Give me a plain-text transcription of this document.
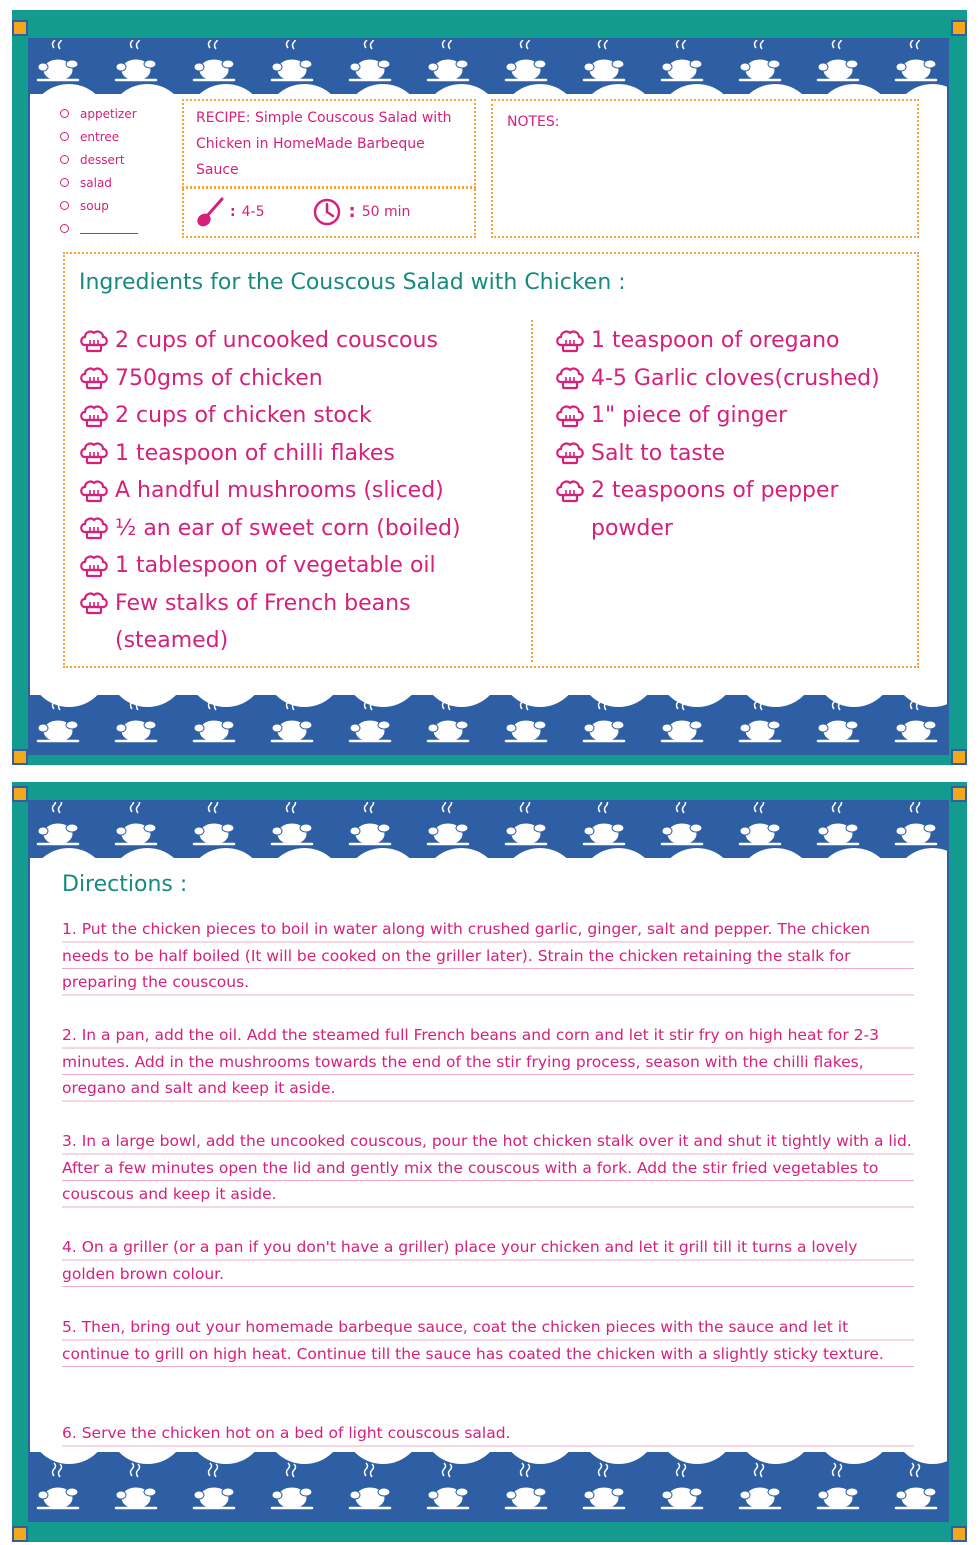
appetizer
entree
dessert
salad
soup
RECIPE: Simple Couscous Salad with Chicken in HomeMade Barbeque Sauce
: 4-5	: 50 min
NOTES:
Ingredients for the Couscous Salad with Chicken :
2 cups of uncooked couscous
750gms of chicken
2 cups of chicken stock
1 teaspoon of chilli flakes
A handful mushrooms (sliced)
½ an ear of sweet corn (boiled)
1 tablespoon of vegetable oil
Few stalks of French beans (steamed)
1 teaspoon of oregano
4-5 Garlic cloves(crushed)
1" piece of ginger
Salt to taste
2 teaspoons of pepper powder
Directions :

1. Put the chicken pieces to boil in water along with crushed garlic, ginger, salt and pepper. The chicken needs to be half boiled (It will be cooked on the griller later). Strain the chicken retaining the stalk for preparing the couscous.

2. In a pan, add the oil. Add the steamed full French beans and corn and let it stir fry on high heat for 2-3 minutes. Add in the mushrooms towards the end of the stir frying process, season with the chilli flakes, oregano and salt and keep it aside.

3. In a large bowl, add the uncooked couscous, pour the hot chicken stalk over it and shut it tightly with a lid. After a few minutes open the lid and gently mix the couscous with a fork. Add the stir fried vegetables to couscous and keep it aside.

4. On a griller (or a pan if you don't have a griller) place your chicken and let it grill till it turns a lovely golden brown colour.

5. Then, bring out your homemade barbeque sauce, coat the chicken pieces with the sauce and let it continue to grill on high heat. Continue till the sauce has coated the chicken with a slightly sticky texture.

6. Serve the chicken hot on a bed of light couscous salad.
